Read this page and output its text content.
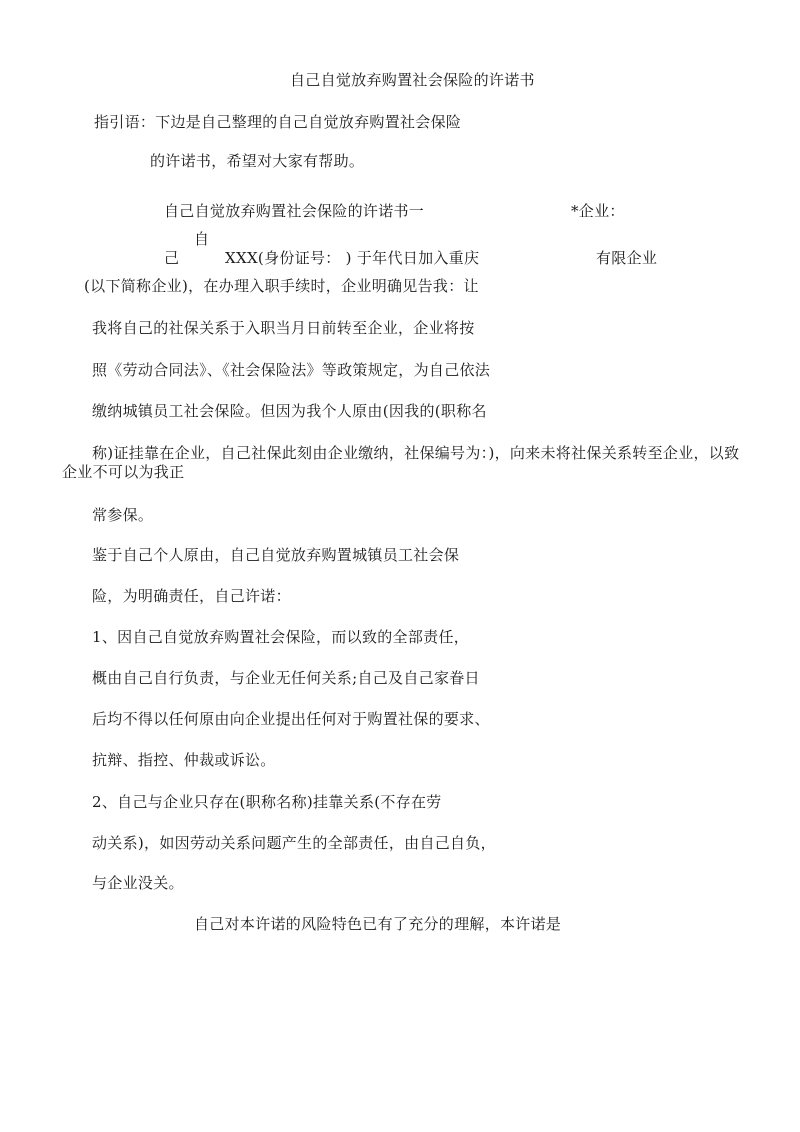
自己自觉放弃购置社会保险的许诺书
指引语：下边是自己整理的自己自觉放弃购置社会保险
的许诺书，希望对大家有帮助。
自己自觉放弃购置社会保险的许诺书一	*企业：
自
己	XXX(身份证号： ) 于年代日加入重庆	有限企业
(以下简称企业)，在办理入职手续时，企业明确见告我：让
我将自己的社保关系于入职当月日前转至企业，企业将按
照《劳动合同法》、《社会保险法》等政策规定，为自己依法
缴纳城镇员工社会保险。但因为我个人原由(因我的(职称名
称)证挂靠在企业，自己社保此刻由企业缴纳，社保编号为：)，向来未将社保关系转至企业，以致
企业不可以为我正
常参保。
鉴于自己个人原由，自己自觉放弃购置城镇员工社会保
险，为明确责任，自己许诺：
1、因自己自觉放弃购置社会保险，而以致的全部责任，
概由自己自行负责，与企业无任何关系;自己及自己家眷日
后均不得以任何原由向企业提出任何对于购置社保的要求、
抗辩、指控、仲裁或诉讼。
2、自己与企业只存在(职称名称)挂靠关系(不存在劳
动关系)，如因劳动关系问题产生的全部责任，由自己自负，
与企业没关。
自己对本许诺的风险特色已有了充分的理解，本许诺是
